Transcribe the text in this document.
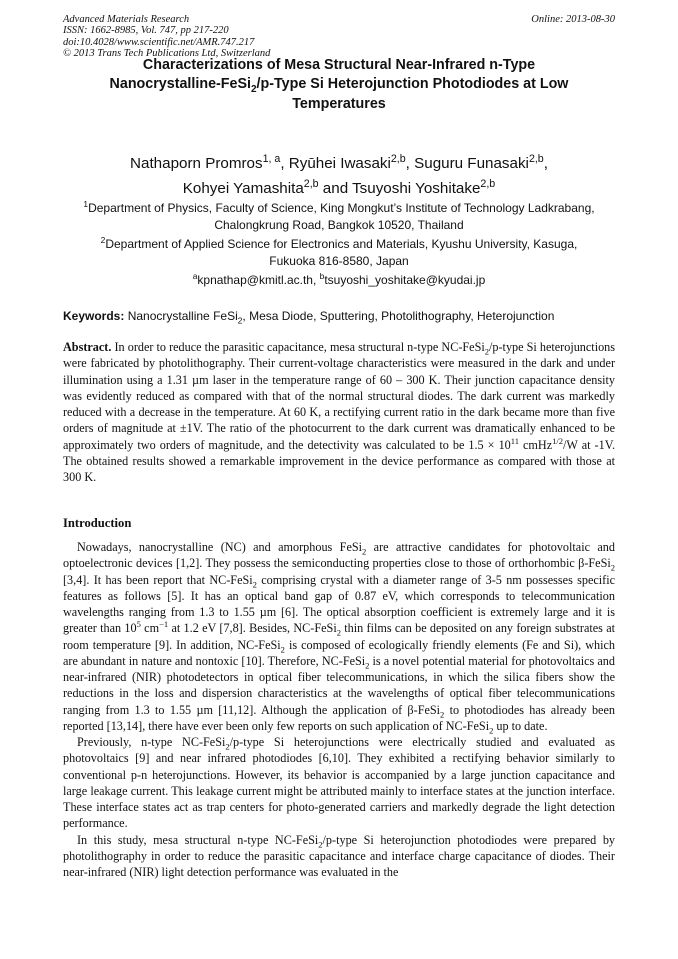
Advanced Materials Research
ISSN: 1662-8985, Vol. 747, pp 217-220
doi:10.4028/www.scientific.net/AMR.747.217
© 2013 Trans Tech Publications Ltd, Switzerland
Online: 2013-08-30
Characterizations of Mesa Structural Near-Infrared n-Type
Nanocrystalline-FeSi$_2$/p-Type Si Heterojunction Photodiodes at Low
Temperatures
Nathaporn Promros$^{1, a}$, Ryūhei Iwasaki$^{2,b}$, Suguru Funasaki$^{2,b}$,
Kohyei Yamashita$^{2,b}$ and Tsuyoshi Yoshitake$^{2,b}$
$^1$Department of Physics, Faculty of Science, King Mongkut’s Institute of Technology Ladkrabang,
Chalongkrung Road, Bangkok 10520, Thailand
$^2$Department of Applied Science for Electronics and Materials, Kyushu University, Kasuga,
Fukuoka 816-8580, Japan
$^a$kpnathap@kmitl.ac.th, $^b$tsuyoshi_yoshitake@kyudai.jp
Keywords: Nanocrystalline FeSi$_2$, Mesa Diode, Sputtering, Photolithography, Heterojunction
Abstract. In order to reduce the parasitic capacitance, mesa structural n-type NC-FeSi$_2$/p-type Si heterojunctions were fabricated by photolithography. Their current-voltage characteristics were measured in the dark and under illumination using a 1.31 µm laser in the temperature range of 60 – 300 K. Their junction capacitance density was evidently reduced as compared with that of the normal structural diodes. The dark current was markedly reduced with a decrease in the temperature. At 60 K, a rectifying current ratio in the dark became more than five orders of magnitude at ±1V. The ratio of the photocurrent to the dark current was dramatically enhanced to be approximately two orders of magnitude, and the detectivity was calculated to be $1.5 \times 10^{11}$ cmHz$^{1/2}$/W at -1V. The obtained results showed a remarkable improvement in the device performance as compared with those at 300 K.
Introduction

Nowadays, nanocrystalline (NC) and amorphous FeSi$_2$ are attractive candidates for photovoltaic and optoelectronic devices [1,2]. They possess the semiconducting properties close to those of orthorhombic β-FeSi$_2$ [3,4]. It has been report that NC-FeSi$_2$ comprising crystal with a diameter range of 3-5 nm possesses specific features as follows [5]. It has an optical band gap of 0.87 eV, which corresponds to telecommunication wavelengths ranging from 1.3 to 1.55 µm [6]. The optical absorption coefficient is extremely large and it is greater than $10^5$ $cm^{-1}$ at 1.2 eV [7,8]. Besides, NC-FeSi$_2$ thin films can be deposited on any foreign substrates at room temperature [9]. In addition, NC-FeSi$_2$ is composed of ecologically friendly elements (Fe and Si), which are abundant in nature and nontoxic [10]. Therefore, NC-FeSi$_2$ is a novel potential material for photovoltaics and near-infrared (NIR) photodetectors in optical fiber telecommunications, in which the silica fibers show the reductions in the loss and dispersion characteristics at the wavelengths of optical fiber telecommunications ranging from 1.3 to 1.55 µm [11,12]. Although the application of β-FeSi$_2$ to photodiodes has already been reported [13,14], there have ever been only few reports on such application of NC-FeSi$_2$ up to date.

Previously, n-type NC-FeSi$_2$/p-type Si heterojunctions were electrically studied and evaluated as photovoltaics [9] and near infrared photodiodes [6,10]. They exhibited a rectifying behavior similarly to conventional p-n heterojunctions. However, its behavior is accompanied by a large junction capacitance and large leakage current. This leakage current might be attributed mainly to interface states at the junction interface. These interface states act as trap centers for photo-generated carriers and markedly degrade the light detection performance.

In this study, mesa structural n-type NC-FeSi$_2$/p-type Si heterojunction photodiodes were prepared by photolithography in order to reduce the parasitic capacitance and interface charge capacitance of diodes. Their near-infrared (NIR) light detection performance was evaluated in the
